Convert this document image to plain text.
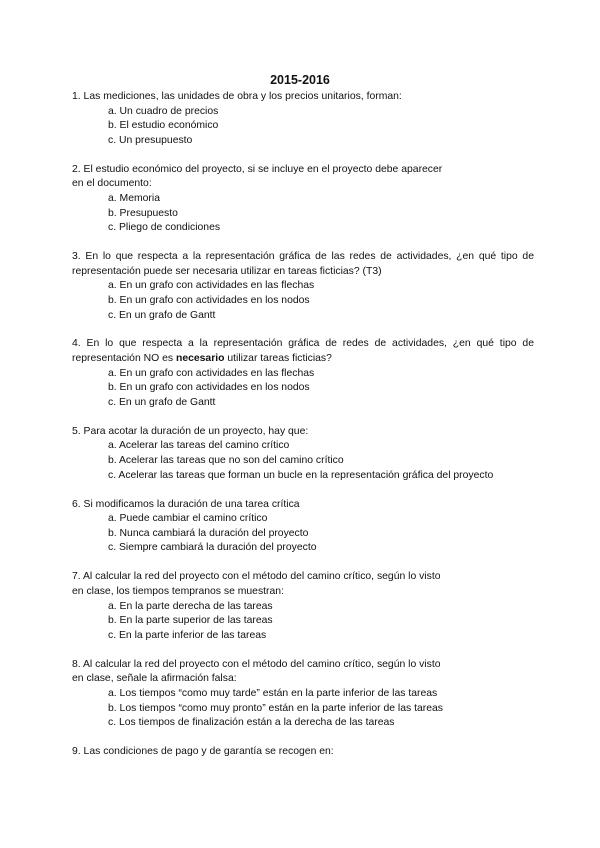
2015-2016

1. Las mediciones, las unidades de obra y los precios unitarios, forman:

a. Un cuadro de precios
b. El estudio económico
c. Un presupuesto

2. El estudio económico del proyecto, si se incluye en el proyecto debe aparecer

en el documento:

a. Memoria
b. Presupuesto
c. Pliego de condiciones

3. En lo que respecta a la representación gráfica de las redes de actividades, ¿en qué tipo de representación puede ser necesaria utilizar en tareas ficticias? (T3)

a. En un grafo con actividades en las flechas
b. En un grafo con actividades en los nodos
c. En un grafo de Gantt

4. En lo que respecta a la representación gráfica de redes de actividades, ¿en qué tipo de representación NO es necesario utilizar tareas ficticias?

a. En un grafo con actividades en las flechas
b. En un grafo con actividades en los nodos
c. En un grafo de Gantt

5. Para acotar la duración de un proyecto, hay que:

a. Acelerar las tareas del camino crítico
b. Acelerar las tareas que no son del camino crítico
c. Acelerar las tareas que forman un bucle en la representación gráfica del proyecto

6. Si modificamos la duración de una tarea crítica

a. Puede cambiar el camino crítico
b. Nunca cambiará la duración del proyecto
c. Siempre cambiará la duración del proyecto

7. Al calcular la red del proyecto con el método del camino crítico, según lo visto

en clase, los tiempos tempranos se muestran:

a. En la parte derecha de las tareas
b. En la parte superior de las tareas
c. En la parte inferior de las tareas

8. Al calcular la red del proyecto con el método del camino crítico, según lo visto

en clase, señale la afirmación falsa:

a. Los tiempos “como muy tarde” están en la parte inferior de las tareas
b. Los tiempos “como muy pronto” están en la parte inferior de las tareas
c. Los tiempos de finalización están a la derecha de las tareas

9. Las condiciones de pago y de garantía se recogen en:
